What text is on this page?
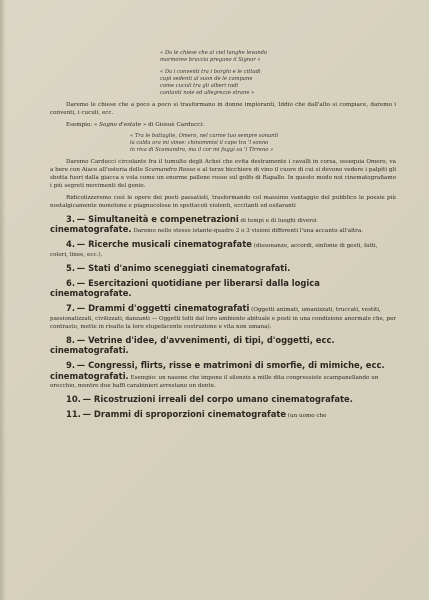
« Da le chiese che al ciel lunghe levando
marmoree braccia pregano il Signor »
« Da i conventi tra i borghi e le cittadi
cupi sedenti al suon de le campane
come cuculi tra gli alberi radi
cantanti noie ed allegrezze strane »

Daremo le chiese che a poco a poco si trasformano in donne imploranti, Iddio che dall'alto si compiace, daremo i conventi, i cuculi, ecc.

Esempio: « Sogno d'estate » di Giosuè Carducci:

« Tra le battaglie, Omero, nel carme tuo sempre sonanti
la calda ora mi vinse: chinommisi il capo tra 'l sonno
in riva di Scamandro, ma il cor mi fuggì su 'l Tirreno »

Daremo Carducci circolante fra il tumulto degli Achei che evita destramente i cavalli in corsa, ossequia Omero, va a bere con Aiace all'osteria dello Scamandro Rosso e al terzo bicchiere di vino il cuore di cui si devono vedere i palpiti gli sbotta fuori dalla giacca e vola come un enorme pallone rosso sul golfo di Rapallo. In questo modo noi cinematografiamo i più segreti movimenti del genio.

Ridicolizzeremo così le opere dei poeti passatisti, trasformando col massimo vantaggio del pubblico le poesie più nostalgicamente monotone e piagnucolose in spettacoli violenti, eccitanti ed esilaranti

3. — Simultaneità e compenetrazioni di tempi e di luoghi diversi cinematografate. Daremo nello stesso istante-quadro 2 o 3 visioni differenti l'una accanto all'altra.
4. — Ricerche musicali cinematografate (dissonanze, accordi, sinfonie di gesti, fatti, colori, linee, ecc.).
5. — Stati d'animo sceneggiati cinematografati.
6. — Esercitazioni quotidiane per liberarsi dalla logica cinematografate.
7. — Drammi d'oggetti cinematografati (Oggetti animati, umanizzati, truccati, vestiti, passionalizzati, civilizzati, danzanti — Oggetti tolti dal loro ambiente abituale e posti in una condizione anormale che, per contrasto, mette in risalto la loro stupefacente costruzione e vita non umana).
8. — Vetrine d'idee, d'avvenimenti, di tipi, d'oggetti, ecc. cinematografati.
9. — Congressi, flirts, risse e matrimoni di smorfie, di mimiche, ecc. cinematografati. Esempio: un nasone che impone il silenzio a mille dita congressiste scampanellando un orecchio, mentre due baffi carabinieri arrestano un dente.
10. — Ricostruzioni irreali del corpo umano cinematografate.
11. — Drammi di sproporzioni cinematografate (un uomo che
